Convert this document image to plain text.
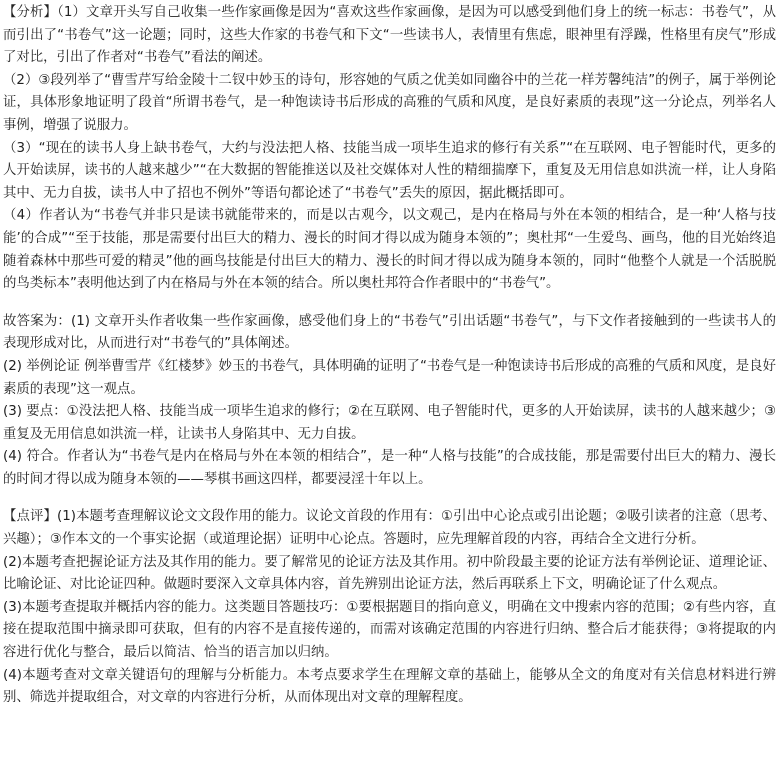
【分析】（1）文章开头写自己收集一些作家画像是因为“喜欢这些作家画像，是因为可以感受到他们身上的统一标志：书卷气”，从而引出了“书卷气”这一论题；同时，这些大作家的书卷气和下文“一些读书人，表情里有焦虑，眼神里有浮躁，性格里有戾气”形成了对比，引出了作者对“书卷气”看法的阐述。

（2）③段列举了“曹雪芹写给金陵十二钗中妙玉的诗句，形容她的气质之优美如同幽谷中的兰花一样芳馨纯洁”的例子，属于举例论证，具体形象地证明了段首“所谓书卷气，是一种饱读诗书后形成的高雅的气质和风度，是良好素质的表现”这一分论点，列举名人事例，增强了说服力。

（3）“现在的读书人身上缺书卷气，大约与没法把人格、技能当成一项毕生追求的修行有关系”“在互联网、电子智能时代，更多的人开始读屏，读书的人越来越少”“在大数据的智能推送以及社交媒体对人性的精细揣摩下，重复及无用信息如洪流一样，让人身陷其中、无力自拔，读书人中了招也不例外”等语句都论述了“书卷气”丢失的原因，据此概括即可。

（4）作者认为“书卷气并非只是读书就能带来的，而是以古观今，以文观己，是内在格局与外在本领的相结合，是一种‘人格与技能’的合成”“至于技能，那是需要付出巨大的精力、漫长的时间才得以成为随身本领的”；奥杜邦“一生爱鸟、画鸟，他的目光始终追随着森林中那些可爱的精灵”他的画鸟技能是付出巨大的精力、漫长的时间才得以成为随身本领的，同时“他整个人就是一个活脱脱的鸟类标本”表明他达到了内在格局与外在本领的结合。所以奥杜邦符合作者眼中的“书卷气”。

故答案为：(1) 文章开头作者收集一些作家画像，感受他们身上的“书卷气”引出话题“书卷气”，与下文作者接触到的一些读书人的表现形成对比，从而进行对“书卷气的”具体阐述。

(2) 举例论证 例举曹雪芹《红楼梦》妙玉的书卷气，具体明确的证明了“书卷气是一种饱读诗书后形成的高雅的气质和风度，是良好素质的表现”这一观点。

(3) 要点：①没法把人格、技能当成一项毕生追求的修行；②在互联网、电子智能时代，更多的人开始读屏，读书的人越来越少；③重复及无用信息如洪流一样，让读书人身陷其中、无力自拔。

(4) 符合。作者认为“书卷气是内在格局与外在本领的相结合”，是一种“人格与技能”的合成技能，那是需要付出巨大的精力、漫长的时间才得以成为随身本领的——琴棋书画这四样，都要浸淫十年以上。

【点评】(1)本题考查理解议论文文段作用的能力。议论文首段的作用有：①引出中心论点或引出论题；②吸引读者的注意（思考、兴趣）；③作本文的一个事实论据（或道理论据）证明中心论点。答题时，应先理解首段的内容，再结合全文进行分析。

(2)本题考查把握论证方法及其作用的能力。要了解常见的论证方法及其作用。初中阶段最主要的论证方法有举例论证、道理论证、比喻论证、对比论证四种。做题时要深入文章具体内容，首先辨别出论证方法，然后再联系上下文，明确论证了什么观点。

(3)本题考查提取并概括内容的能力。这类题目答题技巧：①要根据题目的指向意义，明确在文中搜索内容的范围；②有些内容，直接在提取范围中摘录即可获取，但有的内容不是直接传递的，而需对该确定范围的内容进行归纳、整合后才能获得；③将提取的内容进行优化与整合，最后以简洁、恰当的语言加以归纳。

(4)本题考查对文章关键语句的理解与分析能力。本考点要求学生在理解文章的基础上，能够从全文的角度对有关信息材料进行辨别、筛选并提取组合，对文章的内容进行分析，从而体现出对文章的理解程度。
